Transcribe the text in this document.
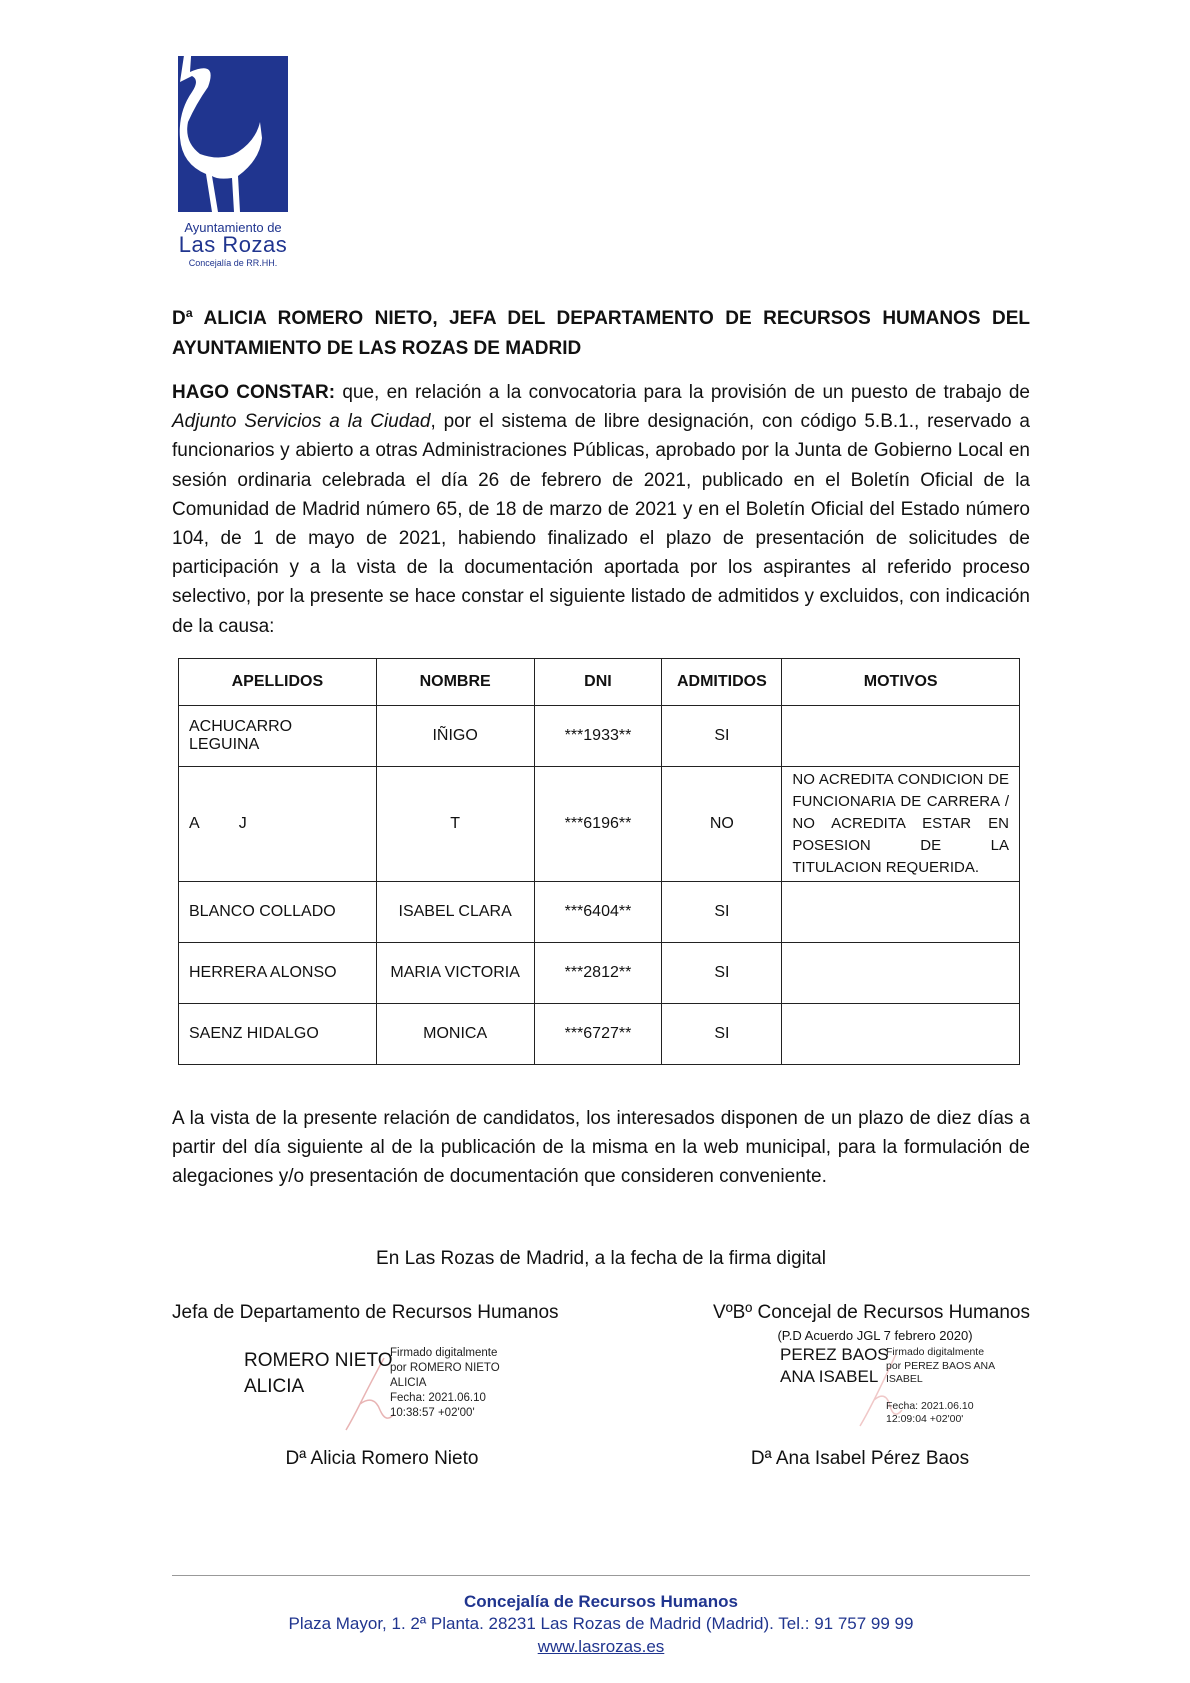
Ayuntamiento de
Las Rozas
Concejalía de RR.HH.
Dª ALICIA ROMERO NIETO, JEFA DEL DEPARTAMENTO DE RECURSOS HUMANOS DEL AYUNTAMIENTO DE LAS ROZAS DE MADRID
HAGO CONSTAR: que, en relación a la convocatoria para la provisión de un puesto de trabajo de Adjunto Servicios a la Ciudad, por el sistema de libre designación, con código 5.B.1., reservado a funcionarios y abierto a otras Administraciones Públicas, aprobado por la Junta de Gobierno Local en sesión ordinaria celebrada el día 26 de febrero de 2021, publicado en el Boletín Oficial de la Comunidad de Madrid número 65, de 18 de marzo de 2021 y en el Boletín Oficial del Estado número 104, de 1 de mayo de 2021, habiendo finalizado el plazo de presentación de solicitudes de participación y a la vista de la documentación aportada por los aspirantes al referido proceso selectivo, por la presente se hace constar el siguiente listado de admitidos y excluidos, con indicación de la causa:
APELLIDOS	NOMBRE	DNI	ADMITIDOS	MOTIVOS
ACHUCARRO LEGUINA	IÑIGO	***1933**	SI	
A         J	T	***6196**	NO	NO ACREDITA CONDICION DE FUNCIONARIA DE CARRERA / NO ACREDITA ESTAR EN POSESION DE LA TITULACION REQUERIDA.
BLANCO COLLADO	ISABEL CLARA	***6404**	SI	
HERRERA ALONSO	MARIA VICTORIA	***2812**	SI	
SAENZ HIDALGO	MONICA	***6727**	SI	
A la vista de la presente relación de candidatos, los interesados disponen de un plazo de diez días a partir del día siguiente al de la publicación de la misma en la web municipal, para la formulación de alegaciones y/o presentación de documentación que consideren conveniente.
En Las Rozas de Madrid, a la fecha de la firma digital
Jefa de Departamento de Recursos Humanos	VºBº Concejal de Recursos Humanos
(P.D Acuerdo JGL 7 febrero 2020)
ROMERO NIETO
ALICIA
Firmado digitalmente
por ROMERO NIETO
ALICIA
Fecha: 2021.06.10
10:38:57 +02'00'
PEREZ BAOS
ANA ISABEL
Firmado digitalmente
por PEREZ BAOS ANA
ISABEL
Fecha: 2021.06.10
12:09:04 +02'00'
Dª Alicia Romero Nieto	Dª Ana Isabel Pérez Baos
Concejalía de Recursos Humanos
Plaza Mayor, 1. 2ª Planta. 28231 Las Rozas de Madrid (Madrid). Tel.: 91 757 99 99
www.lasrozas.es
